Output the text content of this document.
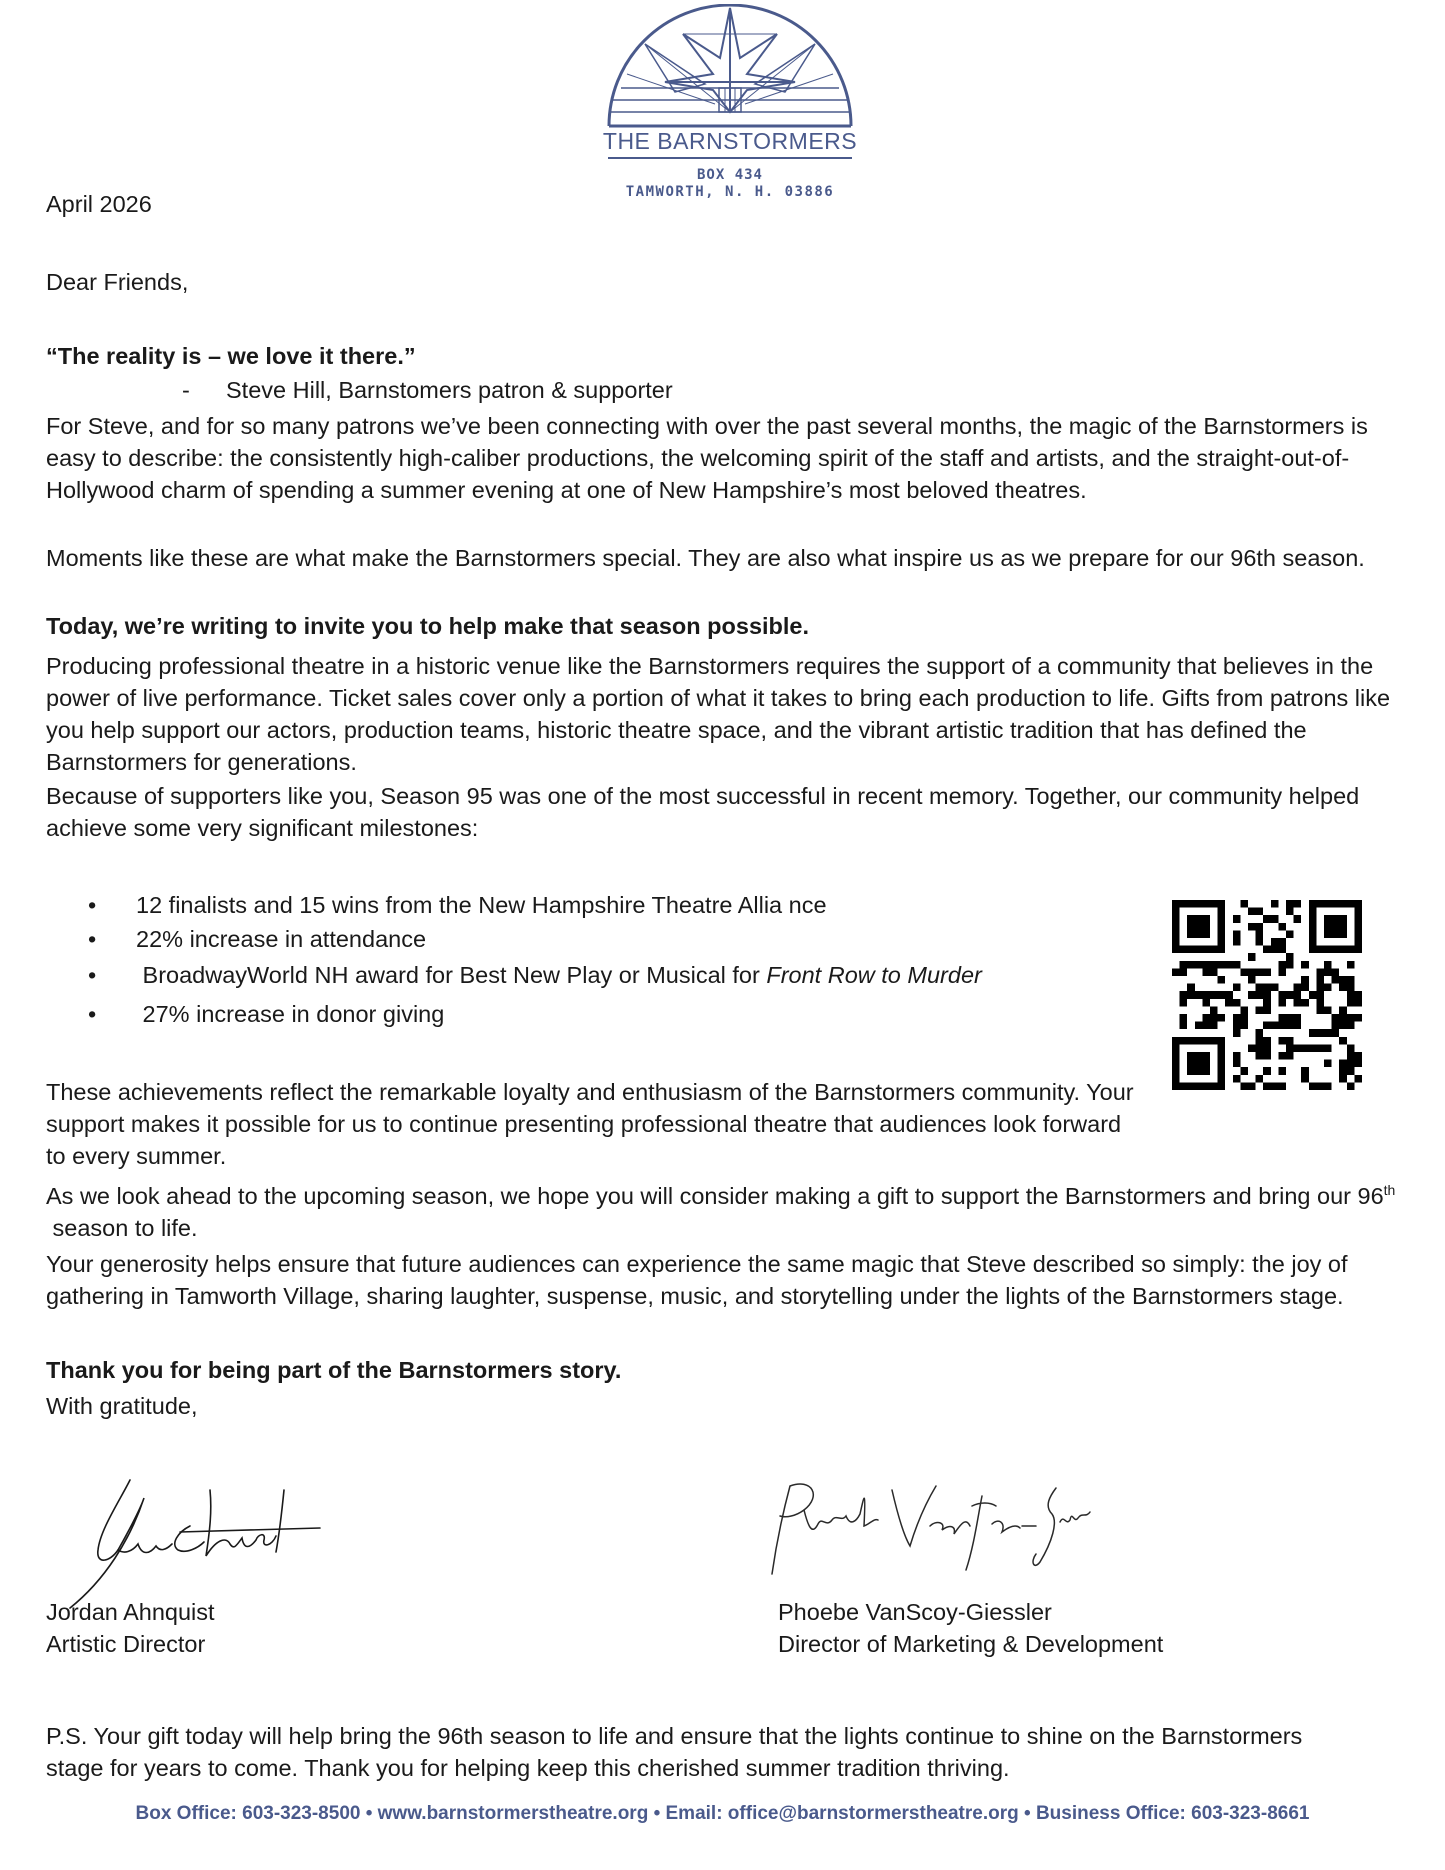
THE BARNSTORMERS
BOX 434
TAMWORTH, N. H. 03886
April 2026
Dear Friends,
“The reality is – we love it there.”
- Steve Hill, Barnstomers patron & supporter

For Steve, and for so many patrons we’ve been connecting with over the past several months, the magic of the Barnstormers is easy to describe: the consistently high-caliber productions, the welcoming spirit of the staff and artists, and the straight-out-of-Hollywood charm of spending a summer evening at one of New Hampshire’s most beloved theatres.

Moments like these are what make the Barnstormers special. They are also what inspire us as we prepare for our 96th season.

Today, we’re writing to invite you to help make that season possible.

Producing professional theatre in a historic venue like the Barnstormers requires the support of a community that believes in the power of live performance. Ticket sales cover only a portion of what it takes to bring each production to life. Gifts from patrons like you help support our actors, production teams, historic theatre space, and the vibrant artistic tradition that has defined the Barnstormers for generations.

Because of supporters like you, Season 95 was one of the most successful in recent memory. Together, our community helped achieve some very significant milestones:

• 12 finalists and 15 wins from the New Hampshire Theatre Allia nce
• 22% increase in attendance
• BroadwayWorld NH award for Best New Play or Musical for Front Row to Murder
• 27% increase in donor giving

These achievements reflect the remarkable loyalty and enthusiasm of the Barnstormers community. Your support makes it possible for us to continue presenting professional theatre that audiences look forward to every summer.

As we look ahead to the upcoming season, we hope you will consider making a gift to support the Barnstormers and bring our 96th season to life.

Your generosity helps ensure that future audiences can experience the same magic that Steve described so simply: the joy of gathering in Tamworth Village, sharing laughter, suspense, music, and storytelling under the lights of the Barnstormers stage.

Thank you for being part of the Barnstormers story.

With gratitude,

Jordan Ahnquist
Artistic Director
Phoebe VanScoy-Giessler
Director of Marketing & Development

P.S. Your gift today will help bring the 96th season to life and ensure that the lights continue to shine on the Barnstormers stage for years to come. Thank you for helping keep this cherished summer tradition thriving.

Box Office: 603-323-8500 • www.barnstormerstheatre.org • Email: office@barnstormerstheatre.org • Business Office: 603-323-8661
